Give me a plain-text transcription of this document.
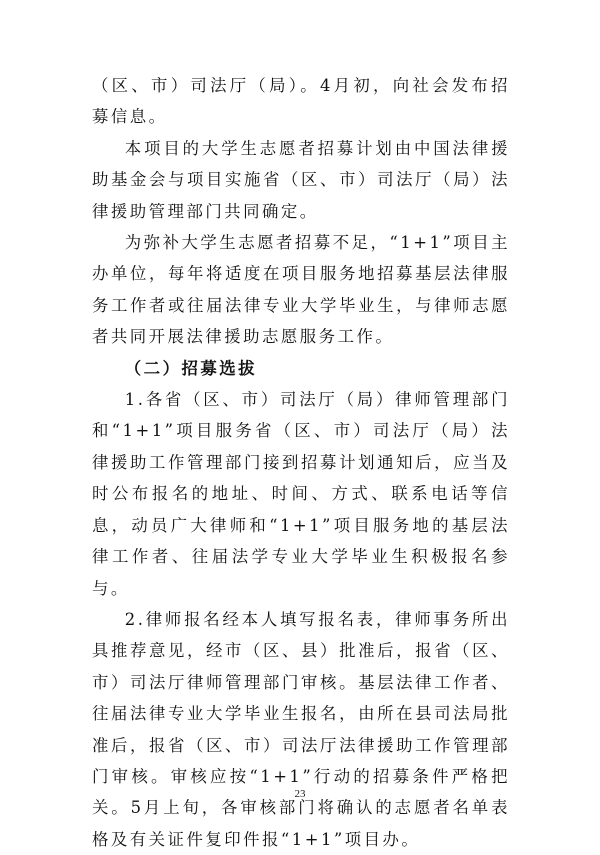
（区、市）司法厅（局）。4月初，向社会发布招募信息。

本项目的大学生志愿者招募计划由中国法律援助基金会与项目实施省（区、市）司法厅（局）法律援助管理部门共同确定。

为弥补大学生志愿者招募不足，“1+1”项目主办单位，每年将适度在项目服务地招募基层法律服务工作者或往届法律专业大学毕业生，与律师志愿者共同开展法律援助志愿服务工作。

（二）招募选拔

1.各省（区、市）司法厅（局）律师管理部门和“1+1”项目服务省（区、市）司法厅（局）法律援助工作管理部门接到招募计划通知后，应当及时公布报名的地址、时间、方式、联系电话等信息，动员广大律师和“1+1”项目服务地的基层法律工作者、往届法学专业大学毕业生积极报名参与。

2.律师报名经本人填写报名表，律师事务所出具推荐意见，经市（区、县）批准后，报省（区、市）司法厅律师管理部门审核。基层法律工作者、往届法律专业大学毕业生报名，由所在县司法局批准后，报省（区、市）司法厅法律援助工作管理部门审核。审核应按“1+1”行动的招募条件严格把关。5月上旬，各审核部门将确认的志愿者名单表格及有关证件复印件报“1+1”项目办。

23
